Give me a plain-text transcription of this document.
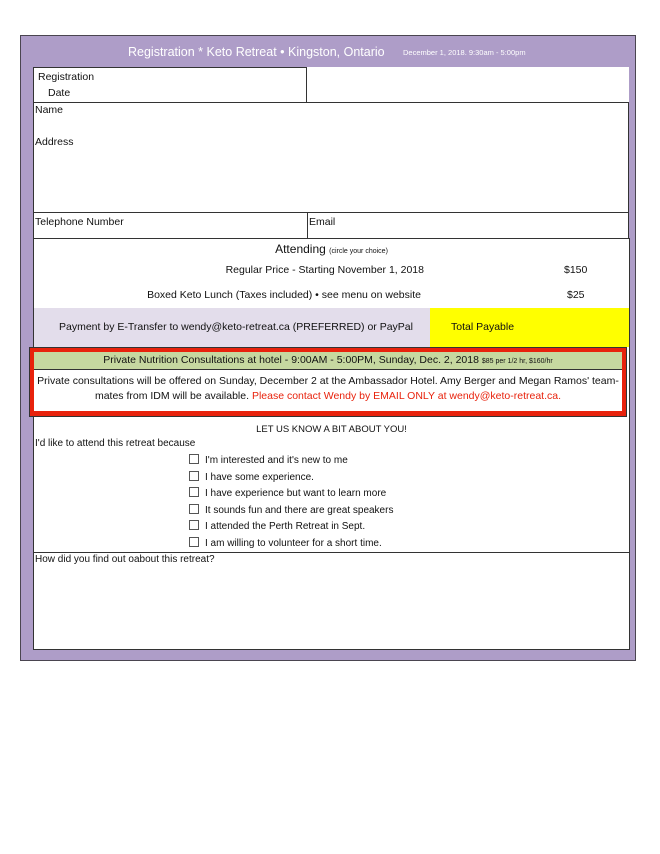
Registration * Keto Retreat • Kingston, Ontario December 1, 2018. 9:30am - 5:00pm
Registration
Date
Name
Address
Telephone Number	Email
Attending (circle your choice)
Regular Price - Starting November 1, 2018	$150
Boxed Keto Lunch (Taxes included) • see menu on website	$25
Payment by E-Transfer to wendy@keto-retreat.ca (PREFERRED) or PayPal	Total Payable
Private Nutrition Consultations at hotel - 9:00AM - 5:00PM, Sunday, Dec. 2, 2018 $85 per 1/2 hr, $160/hr
Private consultations will be offered on Sunday, December 2 at the Ambassador Hotel. Amy Berger and Megan Ramos' team-mates from IDM will be available. Please contact Wendy by EMAIL ONLY at wendy@keto-retreat.ca.
LET US KNOW A BIT ABOUT YOU!
I'd like to attend this retreat because
I'm interested and it's new to me
I have some experience.
I have experience but want to learn more
It sounds fun and there are great speakers
I attended the Perth Retreat in Sept.
I am willing to volunteer for a short time.
How did you find out oabout this retreat?
